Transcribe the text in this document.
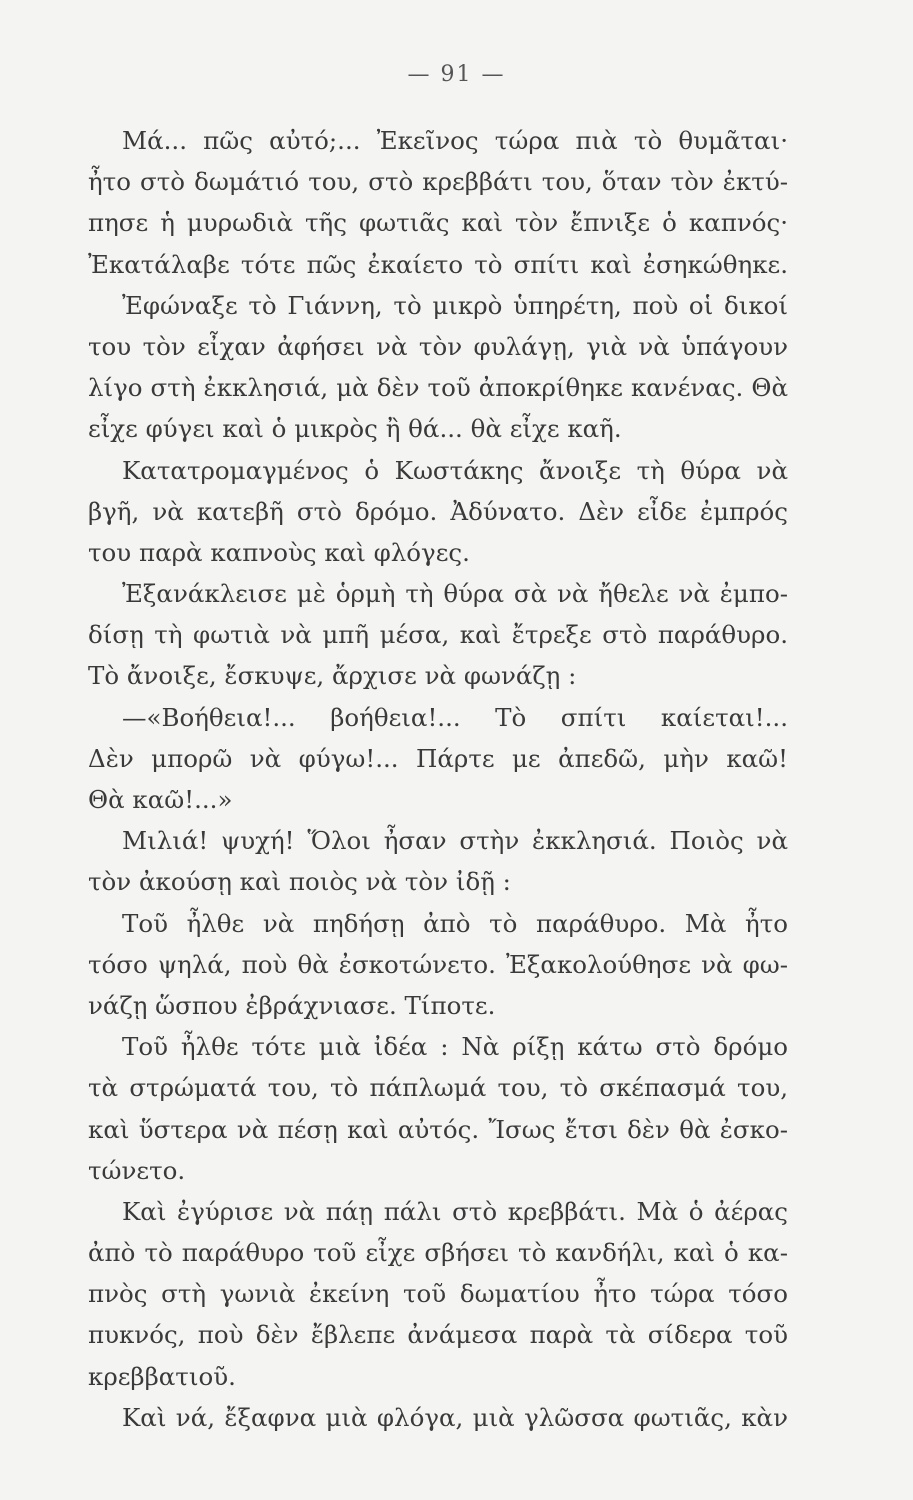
— 91 —
Μά... πῶς αὐτό;... Ἐκεῖνος τώρα πιὰ τὸ θυμᾶται·
ἦτο στὸ δωμάτιό του, στὸ κρεββάτι του, ὅταν τὸν ἐκτύ-
πησε ἡ μυρωδιὰ τῆς φωτιᾶς καὶ τὸν ἔπνιξε ὁ καπνός·
Ἐκατάλαβε τότε πῶς ἐκαίετο τὸ σπίτι καὶ ἐσηκώθηκε.
Ἐφώναξε τὸ Γιάννη, τὸ μικρὸ ὑπηρέτη, ποὺ οἱ δικοί
του τὸν εἶχαν ἀφήσει νὰ τὸν φυλάγῃ, γιὰ νὰ ὑπάγουν
λίγο στὴ ἐκκλησιά, μὰ δὲν τοῦ ἀποκρίθηκε κανένας. Θὰ
εἶχε φύγει καὶ ὁ μικρὸς ἢ θά... θὰ εἶχε καῆ.
Κατατρομαγμένος ὁ Κωστάκης ἄνοιξε τὴ θύρα νὰ
βγῆ, νὰ κατεβῆ στὸ δρόμο. Ἀδύνατο. Δὲν εἶδε ἐμπρός
του παρὰ καπνοὺς καὶ φλόγες.
Ἐξανάκλεισε μὲ ὁρμὴ τὴ θύρα σὰ νὰ ἤθελε νὰ ἐμπο-
δίσῃ τὴ φωτιὰ νὰ μπῆ μέσα, καὶ ἔτρεξε στὸ παράθυρο.
Τὸ ἄνοιξε, ἔσκυψε, ἄρχισε νὰ φωνάζῃ :
—«Βοήθεια!... βοήθεια!... Τὸ σπίτι καίεται!...
Δὲν μπορῶ νὰ φύγω!... Πάρτε με ἀπεδῶ, μὴν καῶ!
Θὰ καῶ!...»
Μιλιά! ψυχή! Ὅλοι ἦσαν στὴν ἐκκλησιά. Ποιὸς νὰ
τὸν ἀκούσῃ καὶ ποιὸς νὰ τὸν ἰδῇ :
Τοῦ ἦλθε νὰ πηδήσῃ ἀπὸ τὸ παράθυρο. Μὰ ἦτο
τόσο ψηλά, ποὺ θὰ ἐσκοτώνετο. Ἐξακολούθησε νὰ φω-
νάζῃ ὥσπου ἐβράχνιασε. Τίποτε.
Τοῦ ἦλθε τότε μιὰ ἰδέα : Νὰ ρίξῃ κάτω στὸ δρόμο
τὰ στρώματά του, τὸ πάπλωμά του, τὸ σκέπασμά του,
καὶ ὕστερα νὰ πέσῃ καὶ αὐτός. Ἴσως ἔτσι δὲν θὰ ἐσκο-
τώνετο.
Καὶ ἐγύρισε νὰ πάῃ πάλι στὸ κρεββάτι. Μὰ ὁ ἀέρας
ἀπὸ τὸ παράθυρο τοῦ εἶχε σβήσει τὸ κανδήλι, καὶ ὁ κα-
πνὸς στὴ γωνιὰ ἐκείνη τοῦ δωματίου ἦτο τώρα τόσο
πυκνός, ποὺ δὲν ἔβλεπε ἀνάμεσα παρὰ τὰ σίδερα τοῦ
κρεββατιοῦ.
Καὶ νά, ἔξαφνα μιὰ φλόγα, μιὰ γλῶσσα φωτιᾶς, κὰν
